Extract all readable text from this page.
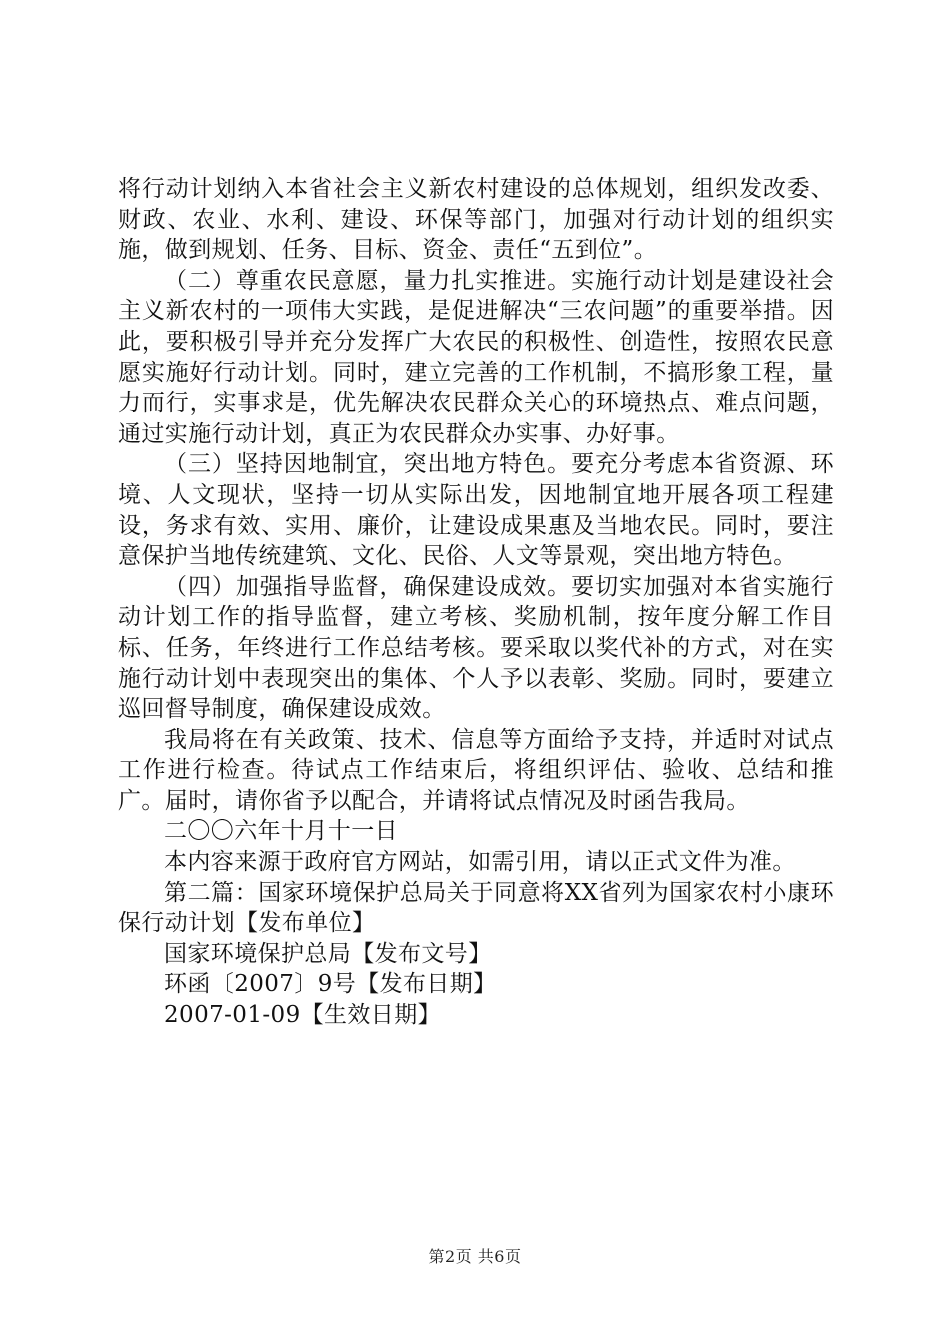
将行动计划纳入本省社会主义新农村建设的总体规划，组织发改委、财政、农业、水利、建设、环保等部门，加强对行动计划的组织实施，做到规划、任务、目标、资金、责任“五到位”。

（二）尊重农民意愿，量力扎实推进。实施行动计划是建设社会主义新农村的一项伟大实践，是促进解决“三农问题”的重要举措。因此，要积极引导并充分发挥广大农民的积极性、创造性，按照农民意愿实施好行动计划。同时，建立完善的工作机制，不搞形象工程，量力而行，实事求是，优先解决农民群众关心的环境热点、难点问题，通过实施行动计划，真正为农民群众办实事、办好事。

（三）坚持因地制宜，突出地方特色。要充分考虑本省资源、环境、人文现状，坚持一切从实际出发，因地制宜地开展各项工程建设，务求有效、实用、廉价，让建设成果惠及当地农民。同时，要注意保护当地传统建筑、文化、民俗、人文等景观，突出地方特色。

（四）加强指导监督，确保建设成效。要切实加强对本省实施行动计划工作的指导监督，建立考核、奖励机制，按年度分解工作目标、任务，年终进行工作总结考核。要采取以奖代补的方式，对在实施行动计划中表现突出的集体、个人予以表彰、奖励。同时，要建立巡回督导制度，确保建设成效。

我局将在有关政策、技术、信息等方面给予支持，并适时对试点工作进行检查。待试点工作结束后，将组织评估、验收、总结和推广。届时，请你省予以配合，并请将试点情况及时函告我局。

二〇〇六年十月十一日

本内容来源于政府官方网站，如需引用，请以正式文件为准。

第二篇：国家环境保护总局关于同意将XX省列为国家农村小康环保行动计划【发布单位】

国家环境保护总局【发布文号】

环函〔2007〕9号【发布日期】

2007-01-09【生效日期】

第2页 共6页
